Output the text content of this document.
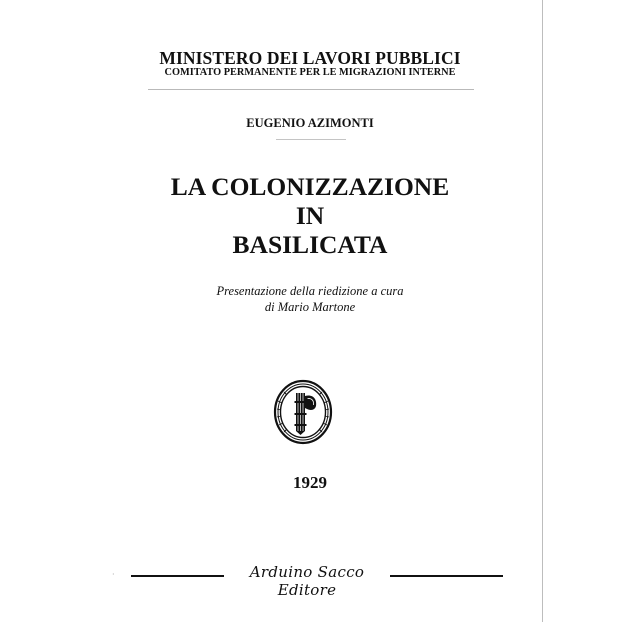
MINISTERO DEI LAVORI PUBBLICI
COMITATO PERMANENTE PER LE MIGRAZIONI INTERNE
EUGENIO AZIMONTI
LA COLONIZZAZIONE
IN
BASILICATA
Presentazione della riedizione a cura
di Mario Martone
1929
·	Arduino Sacco Editore
